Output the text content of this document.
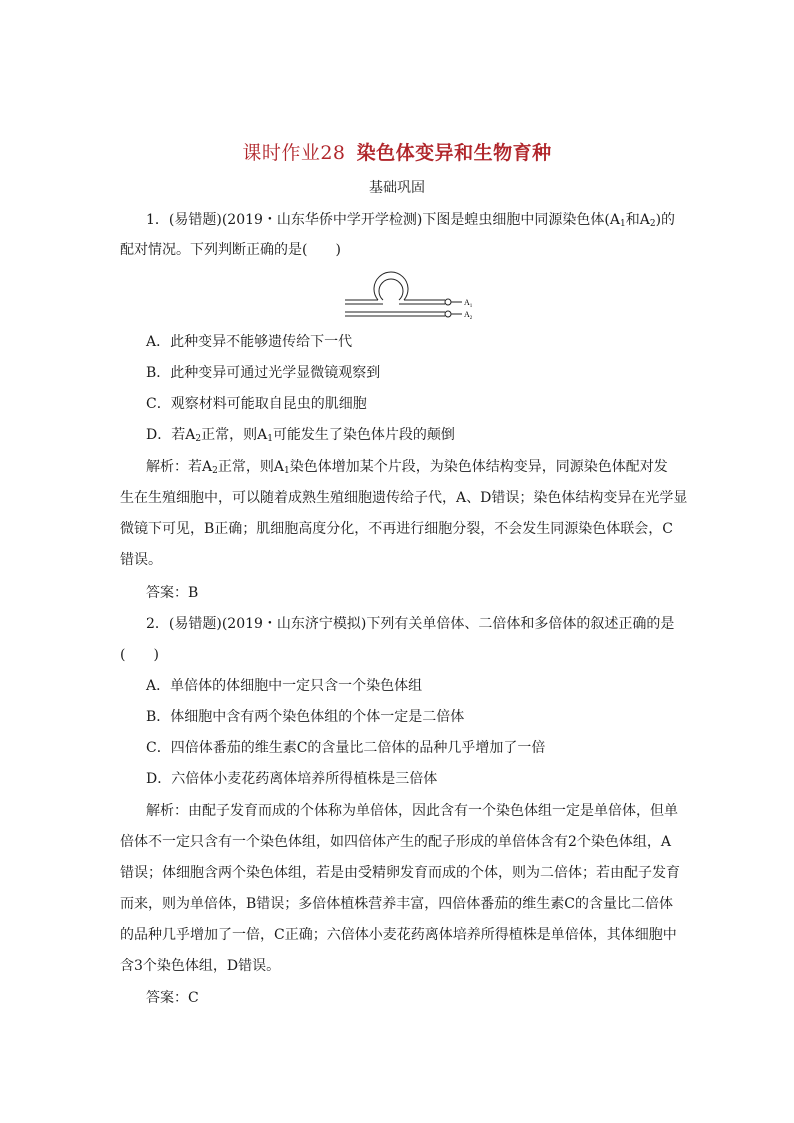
课时作业28 染色体变异和生物育种
基础巩固
1．(易错题)(2019・山东华侨中学开学检测)下图是蝗虫细胞中同源染色体($A_1$和$A_2$)的
配对情况。下列判断正确的是(　　)
$A_1$
$A_2$
A．此种变异不能够遗传给下一代
B．此种变异可通过光学显微镜观察到
C．观察材料可能取自昆虫的肌细胞
D．若$A_2$正常，则$A_1$可能发生了染色体片段的颠倒
解析：若$A_2$正常，则$A_1$染色体增加某个片段，为染色体结构变异，同源染色体配对发
生在生殖细胞中，可以随着成熟生殖细胞遗传给子代，A、D错误；染色体结构变异在光学显
微镜下可见，B正确；肌细胞高度分化，不再进行细胞分裂，不会发生同源染色体联会，C
错误。
答案：B
2．(易错题)(2019・山东济宁模拟)下列有关单倍体、二倍体和多倍体的叙述正确的是
(　　)
A．单倍体的体细胞中一定只含一个染色体组
B．体细胞中含有两个染色体组的个体一定是二倍体
C．四倍体番茄的维生素C的含量比二倍体的品种几乎增加了一倍
D．六倍体小麦花药离体培养所得植株是三倍体
解析：由配子发育而成的个体称为单倍体，因此含有一个染色体组一定是单倍体，但单
倍体不一定只含有一个染色体组，如四倍体产生的配子形成的单倍体含有2个染色体组，A
错误；体细胞含两个染色体组，若是由受精卵发育而成的个体，则为二倍体；若由配子发育
而来，则为单倍体，B错误；多倍体植株营养丰富，四倍体番茄的维生素C的含量比二倍体
的品种几乎增加了一倍，C正确；六倍体小麦花药离体培养所得植株是单倍体，其体细胞中
含3个染色体组，D错误。
答案：C
